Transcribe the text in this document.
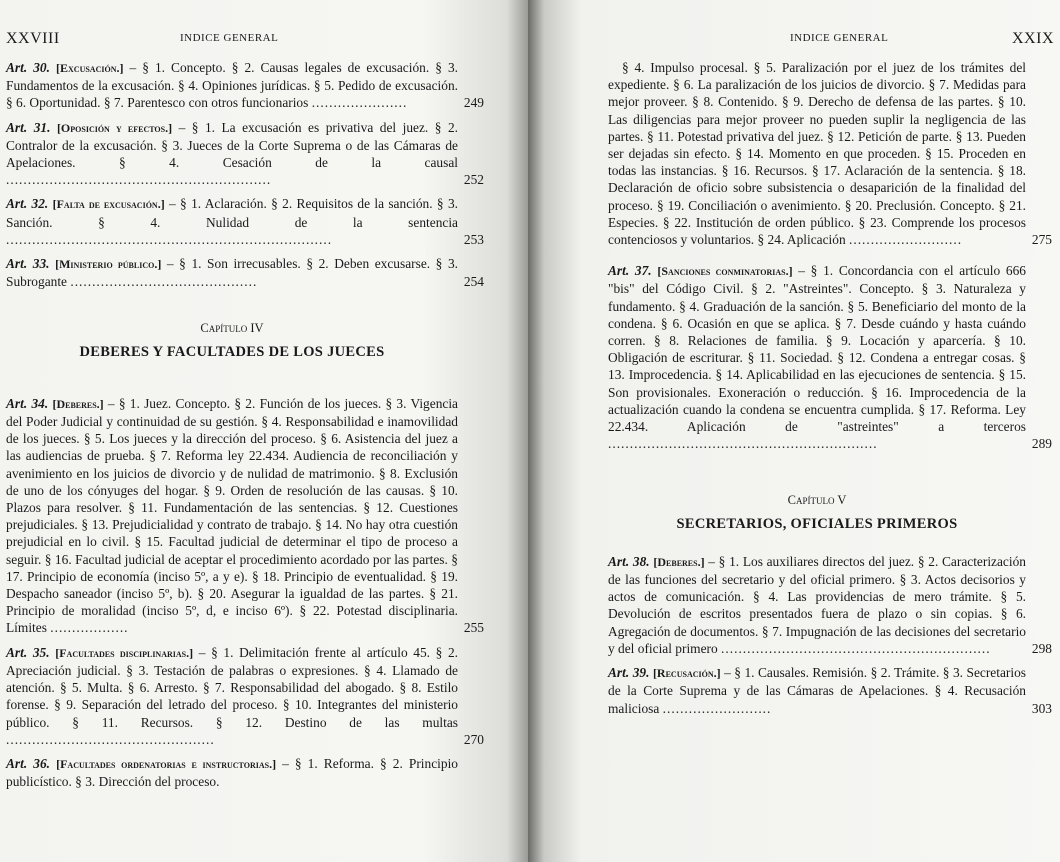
XXVIII	INDICE GENERAL
Art. 30. [Excusación.] – § 1. Concepto. § 2. Causas legales de excusación. § 3. Fundamentos de la excusación. § 4. Opiniones jurídicas. § 5. Pedido de excusación. § 6. Oportunidad. § 7. Parentesco con otros funcionarios ......................	249
Art. 31. [Oposición y efectos.] – § 1. La excusación es privativa del juez. § 2. Contralor de la excusación. § 3. Jueces de la Corte Suprema o de las Cámaras de Apelaciones. § 4. Cesación de la causal .............................................................	252
Art. 32. [Falta de excusación.] – § 1. Aclaración. § 2. Requisitos de la sanción. § 3. Sanción. § 4. Nulidad de la sentencia ...........................................................................	253
Art. 33. [Ministerio público.] – § 1. Son irrecusables. § 2. Deben excusarse. § 3. Subrogante ...........................................	254
Capítulo IV
DEBERES Y FACULTADES DE LOS JUECES
Art. 34. [Deberes.] – § 1. Juez. Concepto. § 2. Función de los jueces. § 3. Vigencia del Poder Judicial y continuidad de su gestión. § 4. Responsabilidad e inamovilidad de los jueces. § 5. Los jueces y la dirección del proceso. § 6. Asistencia del juez a las audiencias de prueba. § 7. Reforma ley 22.434. Audiencia de reconciliación y avenimiento en los juicios de divorcio y de nulidad de matrimonio. § 8. Exclusión de uno de los cónyuges del hogar. § 9. Orden de resolución de las causas. § 10. Plazos para resolver. § 11. Fundamentación de las sentencias. § 12. Cuestiones prejudiciales. § 13. Prejudicialidad y contrato de trabajo. § 14. No hay otra cuestión prejudicial en lo civil. § 15. Facultad judicial de determinar el tipo de proceso a seguir. § 16. Facultad judicial de aceptar el procedimiento acordado por las partes. § 17. Principio de economía (inciso 5º, a y e). § 18. Principio de eventualidad. § 19. Despacho saneador (inciso 5º, b). § 20. Asegurar la igualdad de las partes. § 21. Principio de moralidad (inciso 5º, d, e inciso 6º). § 22. Potestad disciplinaria. Límites ..................	255
Art. 35. [Facultades disciplinarias.] – § 1. Delimitación frente al artículo 45. § 2. Apreciación judicial. § 3. Testación de palabras o expresiones. § 4. Llamado de atención. § 5. Multa. § 6. Arresto. § 7. Responsabilidad del abogado. § 8. Estilo forense. § 9. Separación del letrado del proceso. § 10. Integrantes del ministerio público. § 11. Recursos. § 12. Destino de las multas ................................................	270
Art. 36. [Facultades ordenatorias e instructorias.] – § 1. Reforma. § 2. Principio publicístico. § 3. Dirección del proceso.
INDICE GENERAL	XXIX
§ 4. Impulso procesal. § 5. Paralización por el juez de los trámites del expediente. § 6. La paralización de los juicios de divorcio. § 7. Medidas para mejor proveer. § 8. Contenido. § 9. Derecho de defensa de las partes. § 10. Las diligencias para mejor proveer no pueden suplir la negligencia de las partes. § 11. Potestad privativa del juez. § 12. Petición de parte. § 13. Pueden ser dejadas sin efecto. § 14. Momento en que proceden. § 15. Proceden en todas las instancias. § 16. Recursos. § 17. Aclaración de la sentencia. § 18. Declaración de oficio sobre subsistencia o desaparición de la finalidad del proceso. § 19. Conciliación o avenimiento. § 20. Preclusión. Concepto. § 21. Especies. § 22. Institución de orden público. § 23. Comprende los procesos contenciosos y voluntarios. § 24. Aplicación ..........................	275
Art. 37. [Sanciones conminatorias.] – § 1. Concordancia con el artículo 666 "bis" del Código Civil. § 2. "Astreintes". Concepto. § 3. Naturaleza y fundamento. § 4. Graduación de la sanción. § 5. Beneficiario del monto de la condena. § 6. Ocasión en que se aplica. § 7. Desde cuándo y hasta cuándo corren. § 8. Relaciones de familia. § 9. Locación y aparcería. § 10. Obligación de escriturar. § 11. Sociedad. § 12. Condena a entregar cosas. § 13. Improcedencia. § 14. Aplicabilidad en las ejecuciones de sentencia. § 15. Son provisionales. Exoneración o reducción. § 16. Improcedencia de la actualización cuando la condena se encuentra cumplida. § 17. Reforma. Ley 22.434. Aplicación de "astreintes" a terceros ..............................................................	289
Capítulo V
SECRETARIOS, OFICIALES PRIMEROS
Art. 38. [Deberes.] – § 1. Los auxiliares directos del juez. § 2. Caracterización de las funciones del secretario y del oficial primero. § 3. Actos decisorios y actos de comunicación. § 4. Las providencias de mero trámite. § 5. Devolución de escritos presentados fuera de plazo o sin copias. § 6. Agregación de documentos. § 7. Impugnación de las decisiones del secretario y del oficial primero ..............................................................	298
Art. 39. [Recusación.] – § 1. Causales. Remisión. § 2. Trámite. § 3. Secretarios de la Corte Suprema y de las Cámaras de Apelaciones. § 4. Recusación maliciosa .........................	303
